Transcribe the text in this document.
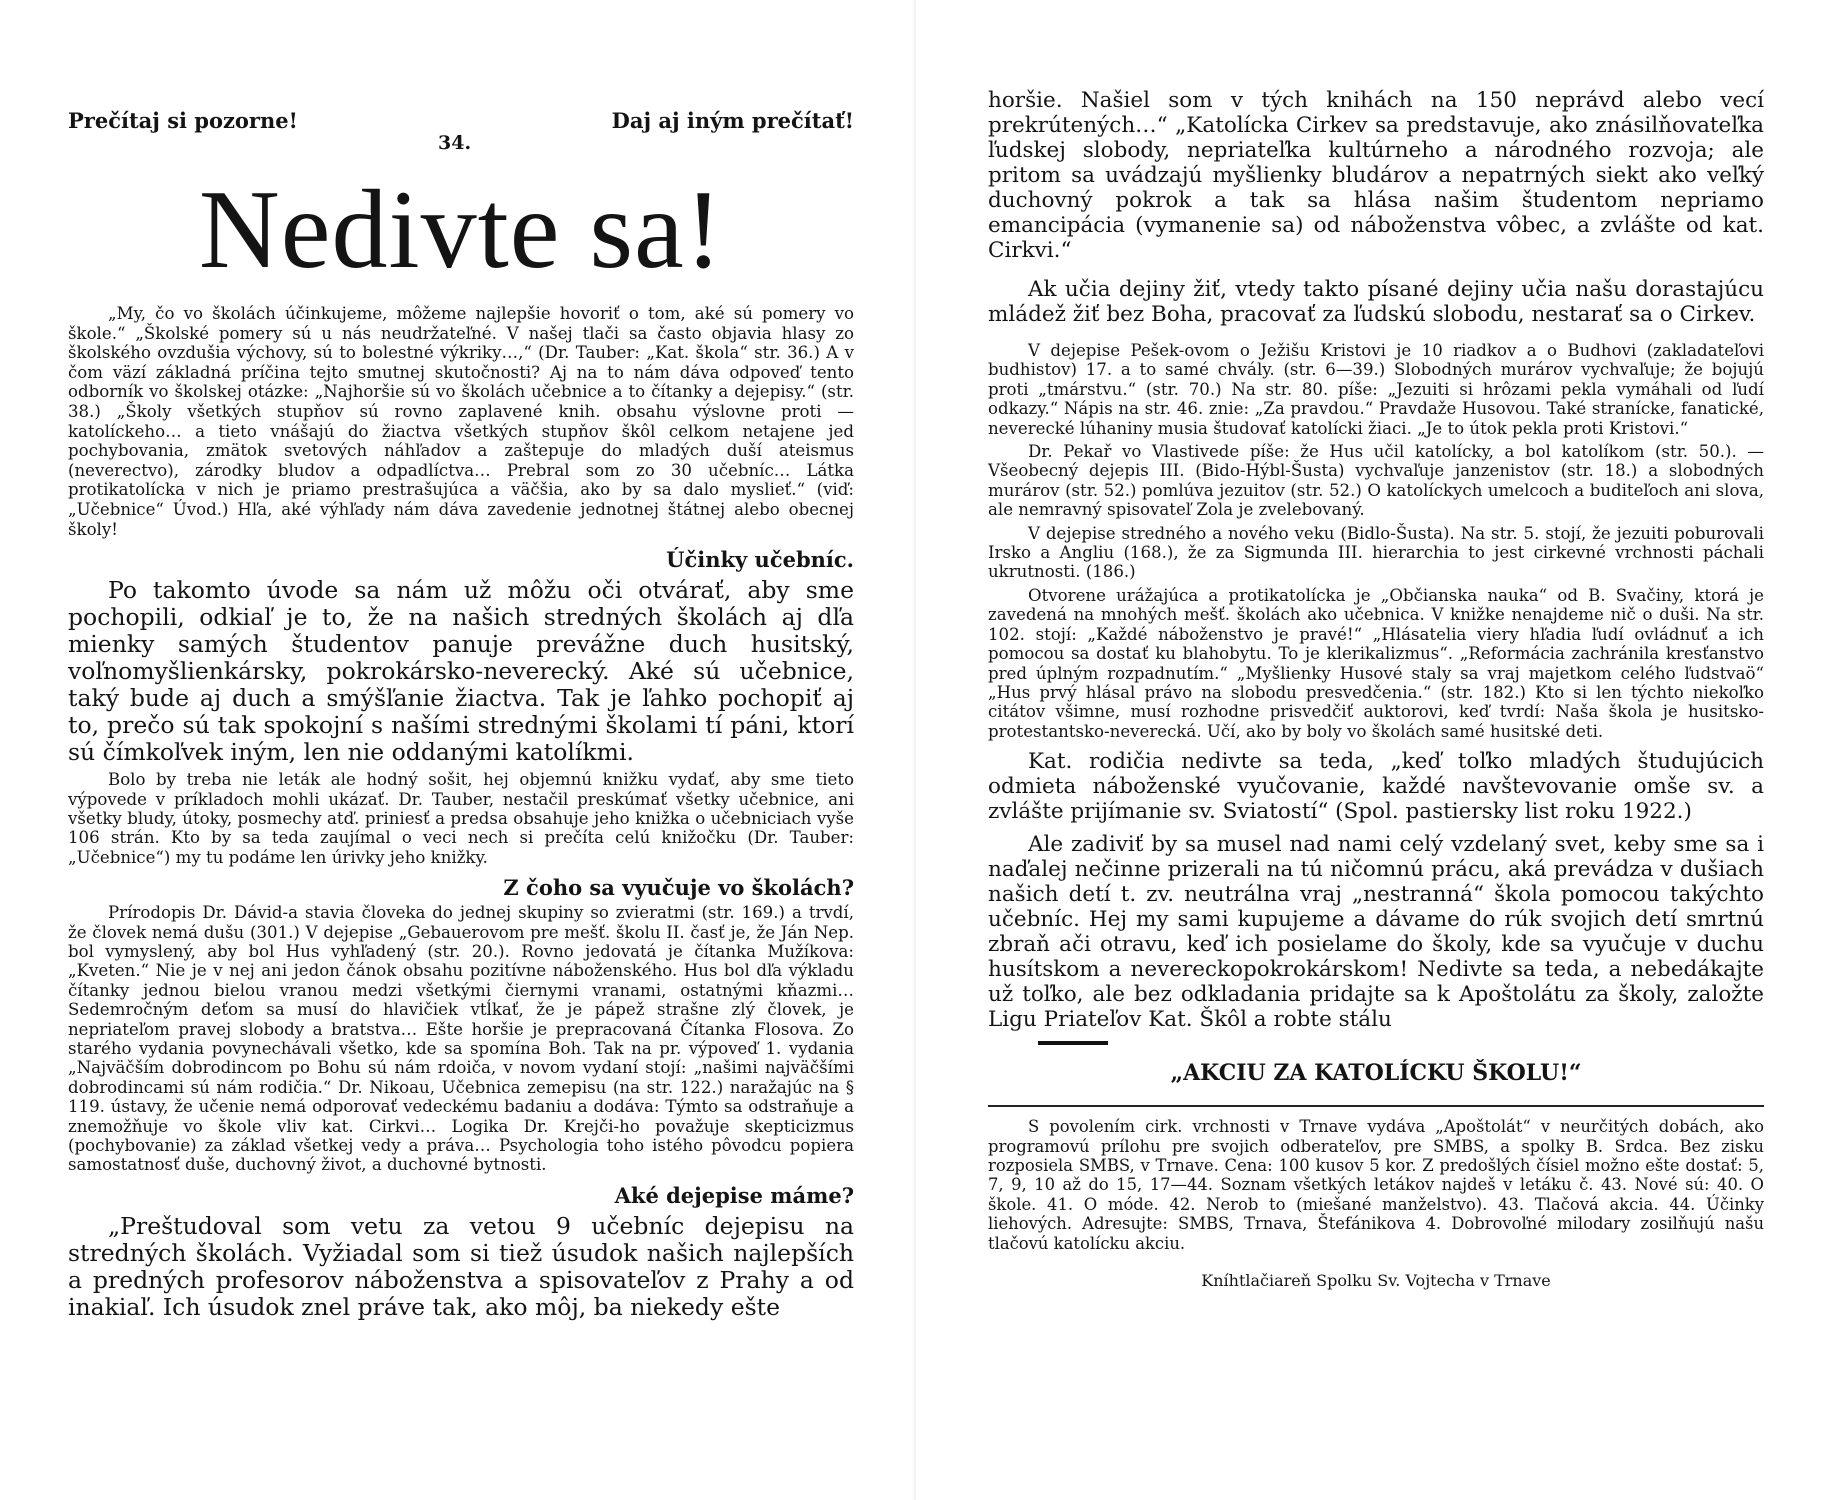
Prečítaj si pozorne!
34.
Daj aj iným prečítať!
Nedivte sa!

„My, čo vo školách účinkujeme, môžeme najlepšie hovoriť o tom, aké sú pomery vo škole.“ „Školské pomery sú u nás neudržateľné. V našej tlači sa často objavia hlasy zo školského ovzdušia výchovy, sú to bolestné výkriky…,“ (Dr. Tauber: „Kat. škola“ str. 36.) A v čom väzí základná príčina tejto smutnej skutočnosti? Aj na to nám dáva odpoveď tento odborník vo školskej otázke: „Najhoršie sú vo školách učebnice a to čítanky a dejepisy.“ (str. 38.) „Školy všetkých stupňov sú rovno zaplavené knih. obsahu výslovne proti — katolíckeho… a tieto vnášajú do žiactva všetkých stupňov škôl celkom netajene jed pochybovania, zmätok svetových náhľadov a zaštepuje do mladých duší ateismus (neverectvo), zárodky bludov a odpadlíctva… Prebral som zo 30 učebníc… Látka protikatolícka v nich je priamo prestrašujúca a väčšia, ako by sa dalo myslieť.“ (viď: „Učebnice“ Úvod.) Hľa, aké výhľady nám dáva zavedenie jednotnej štátnej alebo obecnej školy!

Účinky učebníc.

Po takomto úvode sa nám už môžu oči otvárať, aby sme pochopili, odkiaľ je to, že na našich stredných školách aj dľa mienky samých študentov panuje prevážne duch husitský, voľnomyšlienkársky, pokrokársko-neverecký. Aké sú učebnice, taký bude aj duch a smýšľanie žiactva. Tak je ľahko pochopiť aj to, prečo sú tak spokojní s našími strednými školami tí páni, ktorí sú čímkoľvek iným, len nie oddanými katolíkmi.

Bolo by treba nie leták ale hodný sošit, hej objemnú knižku vydať, aby sme tieto výpovede v príkladoch mohli ukázať. Dr. Tauber, nestačil preskúmať všetky učebnice, ani všetky bludy, útoky, posmechy atď. priniesť a predsa obsahuje jeho knižka o učebniciach vyše 106 strán. Kto by sa teda zaujímal o veci nech si prečíta celú knižočku (Dr. Tauber: „Učebnice“) my tu podáme len úrivky jeho knižky.

Z čoho sa vyučuje vo školách?

Prírodopis Dr. Dávid-a stavia človeka do jednej skupiny so zvieratmi (str. 169.) a trvdí, že človek nemá dušu (301.) V dejepise „Gebauerovom pre mešť. školu II. časť je, že Ján Nep. bol vymyslený, aby bol Hus vyhľadený (str. 20.). Rovno jedovatá je čítanka Mužíkova: „Kveten.“ Nie je v nej ani jedon čánok obsahu pozitívne náboženského. Hus bol dľa výkladu čítanky jednou bielou vranou medzi všetkými čiernymi vranami, ostatnými kňazmi… Sedemročným deťom sa musí do hlavičiek vtĺkať, že je pápež strašne zlý človek, je nepriateľom pravej slobody a bratstva… Ešte horšie je prepracovaná Čítanka Flosova. Zo starého vydania povynechávali všetko, kde sa spomína Boh. Tak na pr. výpoveď 1. vydania „Najväčším dobrodincom po Bohu sú nám rdoiča, v novom vydaní stojí: „našimi najväčšími dobrodincami sú nám rodičia.“ Dr. Nikoau, Učebnica zemepisu (na str. 122.) naražajúc na § 119. ústavy, že učenie nemá odporovať vedeckému badaniu a dodáva: Týmto sa odstraňuje a znemožňuje vo škole vliv kat. Cirkvi… Logika Dr. Krejči-ho považuje skepticizmus (pochybovanie) za základ všetkej vedy a práva… Psychologia toho istého pôvodcu popiera samostatnosť duše, duchovný život, a duchovné bytnosti.

Aké dejepise máme?

„Preštudoval som vetu za vetou 9 učebníc dejepisu na stredných školách. Vyžiadal som si tiež úsudok našich najlepších a predných profesorov náboženstva a spisovateľov z Prahy a od inakiaľ. Ich úsudok znel práve tak, ako môj, ba niekedy ešte

horšie. Našiel som v tých knihách na 150 neprávd alebo vecí prekrútených…“ „Katolícka Cirkev sa predstavuje, ako znásilňovateľka ľudskej slobody, nepriateľka kultúrneho a národného rozvoja; ale pritom sa uvádzajú myšlienky bludárov a nepatrných siekt ako veľký duchovný pokrok a tak sa hlása našim študentom nepriamo emancipácia (vymanenie sa) od náboženstva vôbec, a zvlášte od kat. Cirkvi.“

Ak učia dejiny žiť, vtedy takto písané dejiny učia našu dorastajúcu mládež žiť bez Boha, pracovať za ľudskú slobodu, nestarať sa o Cirkev.

V dejepise Pešek-ovom o Ježišu Kristovi je 10 riadkov a o Budhovi (zakladateľovi budhistov) 17. a to samé chvály. (str. 6—39.) Slobodných murárov vychvaľuje; že bojujú proti „tmárstvu.“ (str. 70.) Na str. 80. píše: „Jezuiti si hrôzami pekla vymáhali od ľudí odkazy.“ Nápis na str. 46. znie: „Za pravdou.“ Pravdaže Husovou. Také stranícke, fanatické, neverecké lúhaniny musia študovať katolícki žiaci. „Je to útok pekla proti Kristovi.“

Dr. Pekař vo Vlastivede píše: že Hus učil katolícky, a bol katolíkom (str. 50.). — Všeobecný dejepis III. (Bido-Hýbl-Šusta) vychvaľuje janzenistov (str. 18.) a slobodných murárov (str. 52.) pomlúva jezuitov (str. 52.) O katolíckych umelcoch a buditeľoch ani slova, ale nemravný spisovateľ Zola je zvelebovaný.

V dejepise stredného a nového veku (Bidlo-Šusta). Na str. 5. stojí, že jezuiti poburovali Irsko a Angliu (168.), že za Sigmunda III. hierarchia to jest cirkevné vrchnosti páchali ukrutnosti. (186.)

Otvorene urážajúca a protikatolícka je „Občianska nauka“ od B. Svačiny, ktorá je zavedená na mnohých mešť. školách ako učebnica. V knižke nenajdeme nič o duši. Na str. 102. stojí: „Každé náboženstvo je pravé!“ „Hlásatelia viery hľadia ľudí ovládnuť a ich pomocou sa dostať ku blahobytu. To je klerikalizmus“. „Reformácia zachránila kresťanstvo pred úplným rozpadnutím.“ „Myšlienky Husové staly sa vraj majetkom celého ľudstvaö“ „Hus prvý hlásal právo na slobodu presvedčenia.“ (str. 182.) Kto si len týchto niekoľko citátov všimne, musí rozhodne prisvedčiť auktorovi, keď tvrdí: Naša škola je husitsko-protestantsko-neverecká. Učí, ako by boly vo školách samé husitské deti.

Kat. rodičia nedivte sa teda, „keď toľko mladých študujúcich odmieta náboženské vyučovanie, každé navštevovanie omše sv. a zvlášte prijímanie sv. Sviatostí“ (Spol. pastiersky list roku 1922.)

Ale zadiviť by sa musel nad nami celý vzdelaný svet, keby sme sa i naďalej nečinne prizerali na tú ničomnú prácu, aká prevádza v dušiach našich detí t. zv. neutrálna vraj „nestranná“ škola pomocou takýchto učebníc. Hej my sami kupujeme a dávame do rúk svojich detí smrtnú zbraň ači otravu, keď ich posielame do školy, kde sa vyučuje v duchu husítskom a nevereckopokrokárskom! Nedivte sa teda, a nebedákajte už toľko, ale bez odkladania pridajte sa k Apoštolátu za školy, založte Ligu Priateľov Kat. Škôl a robte stálu

„AKCIU ZA KATOLÍCKU ŠKOLU!“

S povolením cirk. vrchnosti v Trnave vydáva „Apoštolát“ v neurčitých dobách, ako programovú prílohu pre svojich odberateľov, pre SMBS, a spolky B. Srdca. Bez zisku rozposiela SMBS, v Trnave. Cena: 100 kusov 5 kor. Z predošlých čísiel možno ešte dostať: 5, 7, 9, 10 až do 15, 17—44. Soznam všetkých letákov najdeš v letáku č. 43. Nové sú: 40. O škole. 41. O móde. 42. Nerob to (miešané manželstvo). 43. Tlačová akcia. 44. Účinky liehových. Adresujte: SMBS, Trnava, Štefánikova 4. Dobrovoľné milodary zosilňujú našu tlačovú katolícku akciu.

Kníhtlačiareň Spolku Sv. Vojtecha v Trnave
